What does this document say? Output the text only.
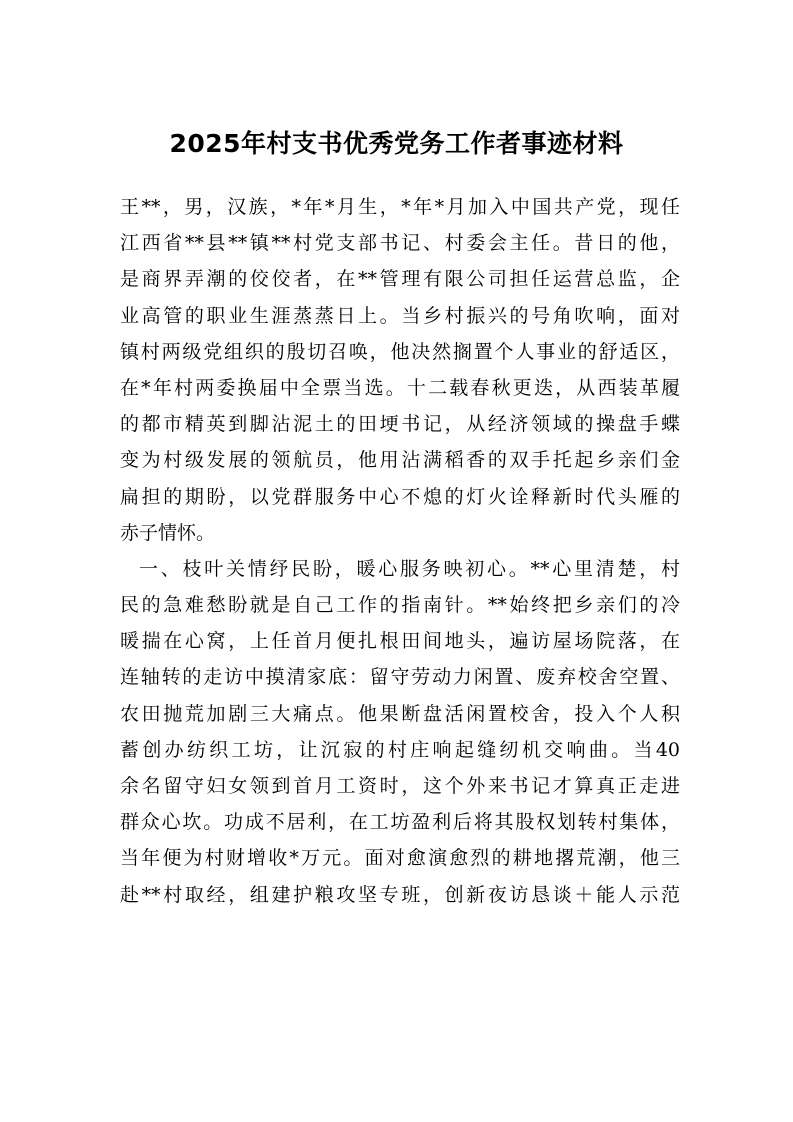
2025年村支书优秀党务工作者事迹材料
王**，男，汉族，*年*月生，*年*月加入中国共产党，现任
江西省**县**镇**村党支部书记、村委会主任。昔日的他，
是商界弄潮的佼佼者，在**管理有限公司担任运营总监，企
业高管的职业生涯蒸蒸日上。当乡村振兴的号角吹响，面对
镇村两级党组织的殷切召唤，他决然搁置个人事业的舒适区，
在*年村两委换届中全票当选。十二载春秋更迭，从西装革履
的都市精英到脚沾泥土的田埂书记，从经济领域的操盘手蝶
变为村级发展的领航员，他用沾满稻香的双手托起乡亲们金
扁担的期盼，以党群服务中心不熄的灯火诠释新时代头雁的
赤子情怀。
一、枝叶关情纾民盼，暖心服务映初心。**心里清楚，村
民的急难愁盼就是自己工作的指南针。**始终把乡亲们的冷
暖揣在心窝，上任首月便扎根田间地头，遍访屋场院落，在
连轴转的走访中摸清家底：留守劳动力闲置、废弃校舍空置、
农田抛荒加剧三大痛点。他果断盘活闲置校舍，投入个人积
蓄创办纺织工坊，让沉寂的村庄响起缝纫机交响曲。当40
余名留守妇女领到首月工资时，这个外来书记才算真正走进
群众心坎。功成不居利，在工坊盈利后将其股权划转村集体，
当年便为村财增收*万元。面对愈演愈烈的耕地撂荒潮，他三
赴**村取经，组建护粮攻坚专班，创新夜访恳谈＋能人示范
